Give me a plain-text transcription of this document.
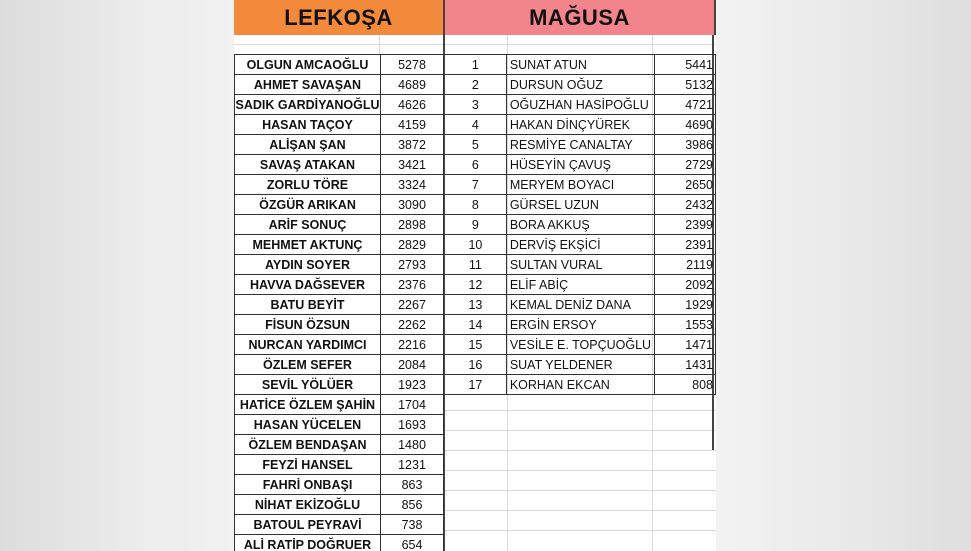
LEFKOŞA	MAĞUSA
OLGUN AMCAOĞLU	5278
AHMET SAVAŞAN	4689
SADIK GARDİYANOĞLU	4626
HASAN TAÇOY	4159
ALİŞAN ŞAN	3872
SAVAŞ ATAKAN	3421
ZORLU TÖRE	3324
ÖZGÜR ARIKAN	3090
ARİF SONUÇ	2898
MEHMET AKTUNÇ	2829
AYDIN SOYER	2793
HAVVA DAĞSEVER	2376
BATU BEYİT	2267
FİSUN ÖZSUN	2262
NURCAN YARDIMCI	2216
ÖZLEM SEFER	2084
SEVİL YÖLÜER	1923
HATİCE ÖZLEM ŞAHİN	1704
HASAN YÜCELEN	1693
ÖZLEM BENDAŞAN	1480
FEYZİ HANSEL	1231
FAHRİ ONBAŞI	863
NİHAT EKİZOĞLU	856
BATOUL PEYRAVİ	738
ALİ RATİP DOĞRUER	654
1	SUNAT ATUN	5441
2	DURSUN OĞUZ	5132
3	OĞUZHAN HASİPOĞLU	4721
4	HAKAN DİNÇYÜREK	4690
5	RESMİYE CANALTAY	3986
6	HÜSEYİN ÇAVUŞ	2729
7	MERYEM BOYACI	2650
8	GÜRSEL UZUN	2432
9	BORA AKKUŞ	2399
10	DERVİŞ EKŞİCİ	2391
11	SULTAN VURAL	2119
12	ELİF ABİÇ	2092
13	KEMAL DENİZ DANA	1929
14	ERGİN ERSOY	1553
15	VESİLE E. TOPÇUOĞLU	1471
16	SUAT YELDENER	1431
17	KORHAN EKCAN	808
